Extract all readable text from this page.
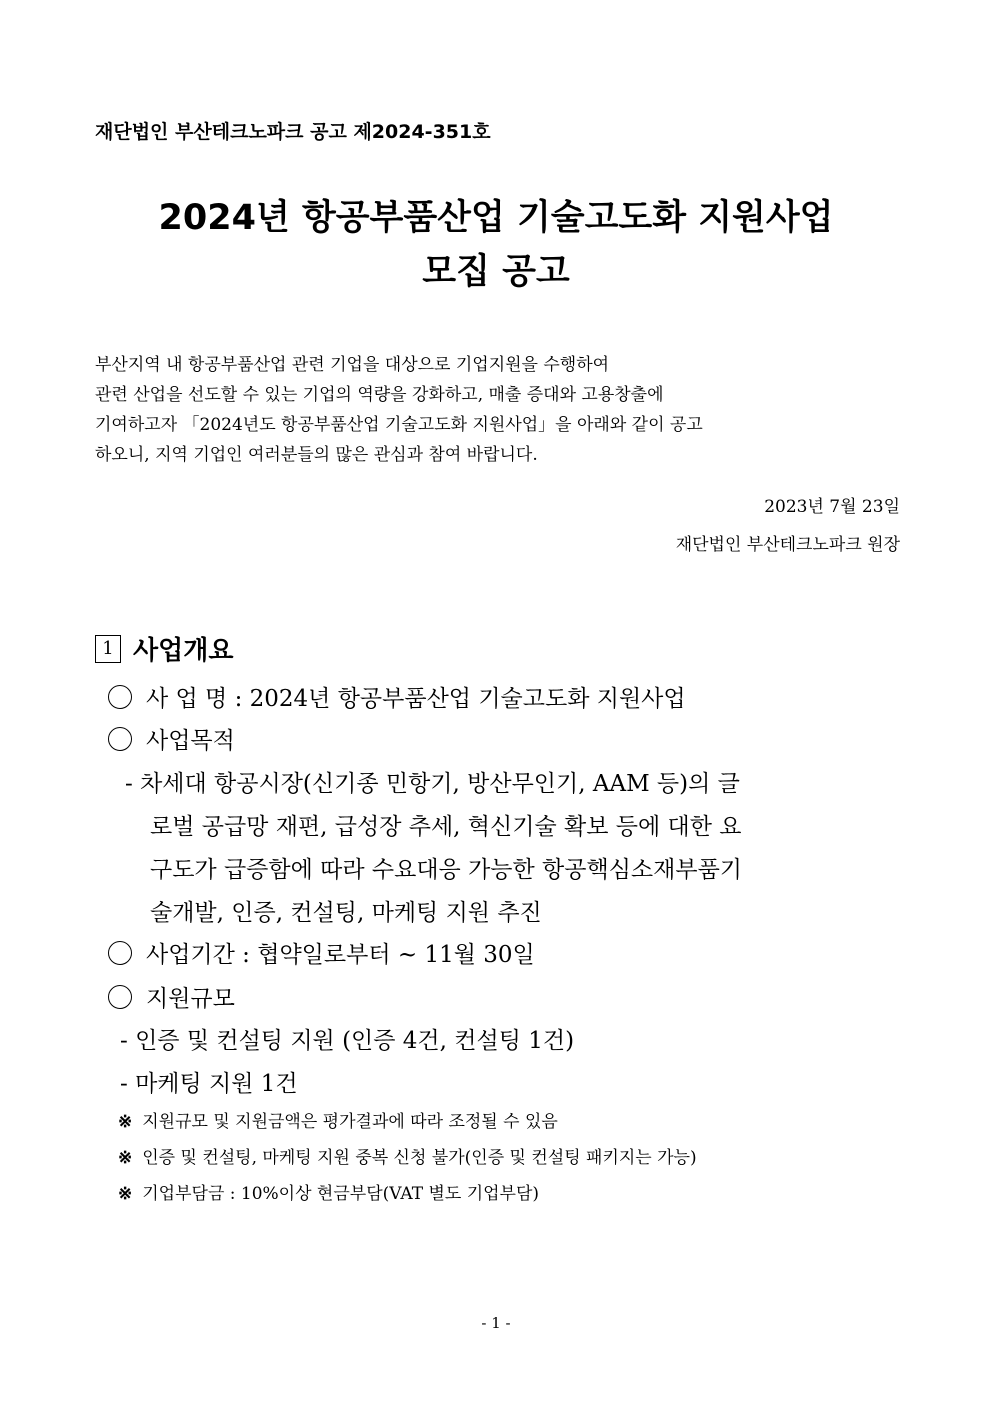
재단법인 부산테크노파크 공고 제2024-351호
2024년 항공부품산업 기술고도화 지원사업
모집 공고
부산지역 내 항공부품산업 관련 기업을 대상으로 기업지원을 수행하여
관련 산업을 선도할 수 있는 기업의 역량을 강화하고, 매출 증대와 고용창출에
기여하고자 「2024년도 항공부품산업 기술고도화 지원사업」을 아래와 같이 공고
하오니, 지역 기업인 여러분들의 많은 관심과 참여 바랍니다.
2023년 7월 23일
재단법인 부산테크노파크 원장
1 사업개요
사 업 명 : 2024년 항공부품산업 기술고도화 지원사업
사업목적
- 차세대 항공시장(신기종 민항기, 방산무인기, AAM 등)의 글
로벌 공급망 재편, 급성장 추세, 혁신기술 확보 등에 대한 요
구도가 급증함에 따라 수요대응 가능한 항공핵심소재부품기
술개발, 인증, 컨설팅, 마케팅 지원 추진
사업기간 : 협약일로부터 ~ 11월 30일
지원규모
- 인증 및 컨설팅 지원 (인증 4건, 컨설팅 1건)
- 마케팅 지원 1건
※ 지원규모 및 지원금액은 평가결과에 따라 조정될 수 있음
※ 인증 및 컨설팅, 마케팅 지원 중복 신청 불가(인증 및 컨설팅 패키지는 가능)
※ 기업부담금 : 10%이상 현금부담(VAT 별도 기업부담)
- 1 -
